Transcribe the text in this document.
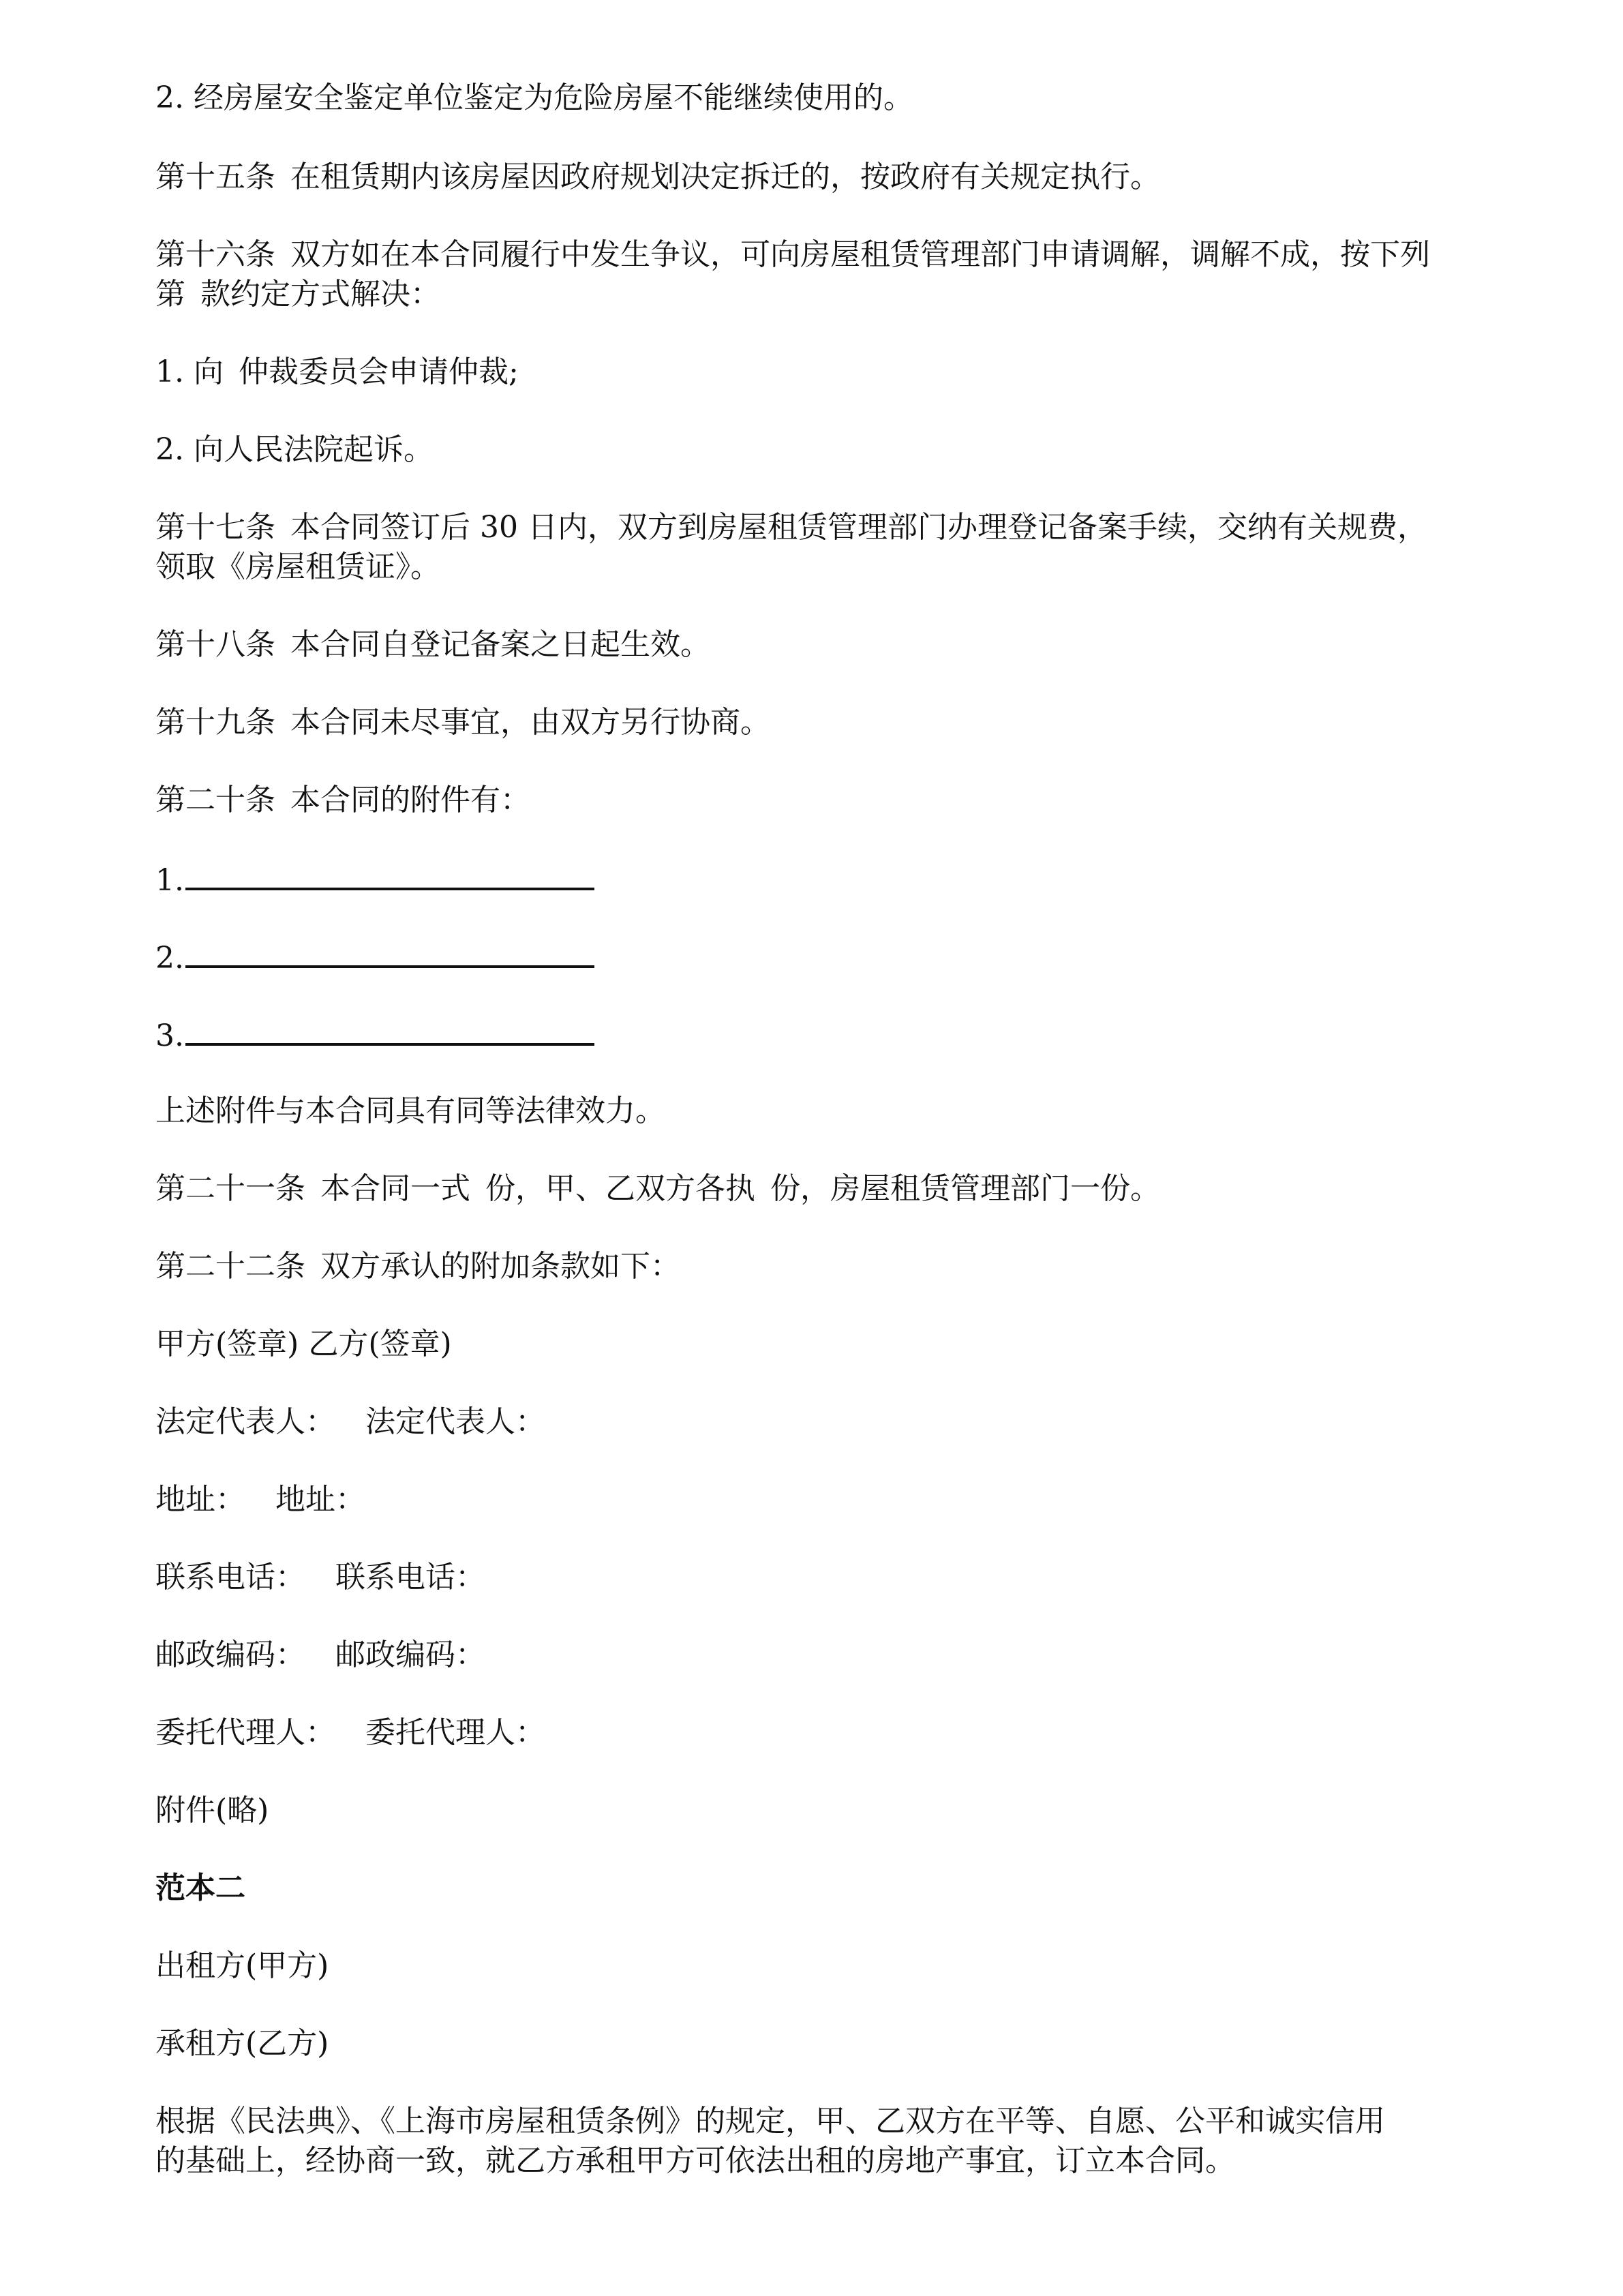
2. 经房屋安全鉴定单位鉴定为危险房屋不能继续使用的。
第十五条 在租赁期内该房屋因政府规划决定拆迁的，按政府有关规定执行。
第十六条 双方如在本合同履行中发生争议，可向房屋租赁管理部门申请调解，调解不成，按下列
第 款约定方式解决：
1. 向 仲裁委员会申请仲裁;
2. 向人民法院起诉。
第十七条 本合同签订后 30 日内，双方到房屋租赁管理部门办理登记备案手续，交纳有关规费，
领取《房屋租赁证》。
第十八条 本合同自登记备案之日起生效。
第十九条 本合同未尽事宜，由双方另行协商。
第二十条 本合同的附件有：
1.
2.
3.
上述附件与本合同具有同等法律效力。
第二十一条 本合同一式 份，甲、乙双方各执 份，房屋租赁管理部门一份。
第二十二条 双方承认的附加条款如下：
甲方(签章) 乙方(签章)
法定代表人： 法定代表人：
地址： 地址：
联系电话： 联系电话：
邮政编码： 邮政编码：
委托代理人： 委托代理人：
附件(略)
范本二
出租方(甲方)
承租方(乙方)
根据《民法典》、《上海市房屋租赁条例》的规定，甲、乙双方在平等、自愿、公平和诚实信用
的基础上，经协商一致，就乙方承租甲方可依法出租的房地产事宜，订立本合同。
